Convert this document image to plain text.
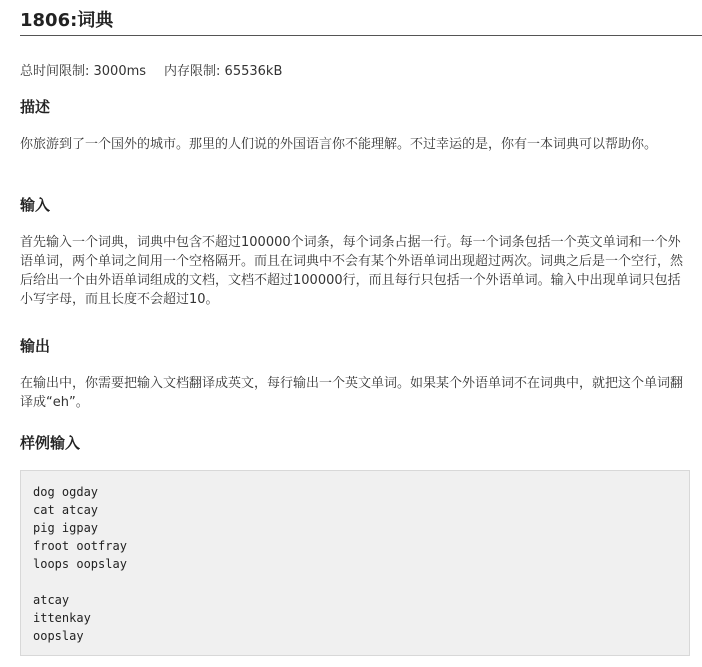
1806:词典
总时间限制: 3000ms 内存限制: 65536kB
描述

你旅游到了一个国外的城市。那里的人们说的外国语言你不能理解。不过幸运的是，你有一本词典可以帮助你。

输入

首先输入一个词典，词典中包含不超过100000个词条，每个词条占据一行。每一个词条包括一个英文单词和一个外语单词，两个单词之间用一个空格隔开。而且在词典中不会有某个外语单词出现超过两次。词典之后是一个空行，然后给出一个由外语单词组成的文档，文档不超过100000行，而且每行只包括一个外语单词。输入中出现单词只包括小写字母，而且长度不会超过10。

输出

在输出中，你需要把输入文档翻译成英文，每行输出一个英文单词。如果某个外语单词不在词典中，就把这个单词翻译成“eh”。

样例输入
dog ogday
cat atcay
pig igpay
froot ootfray
loops oopslay

atcay
ittenkay
oopslay
